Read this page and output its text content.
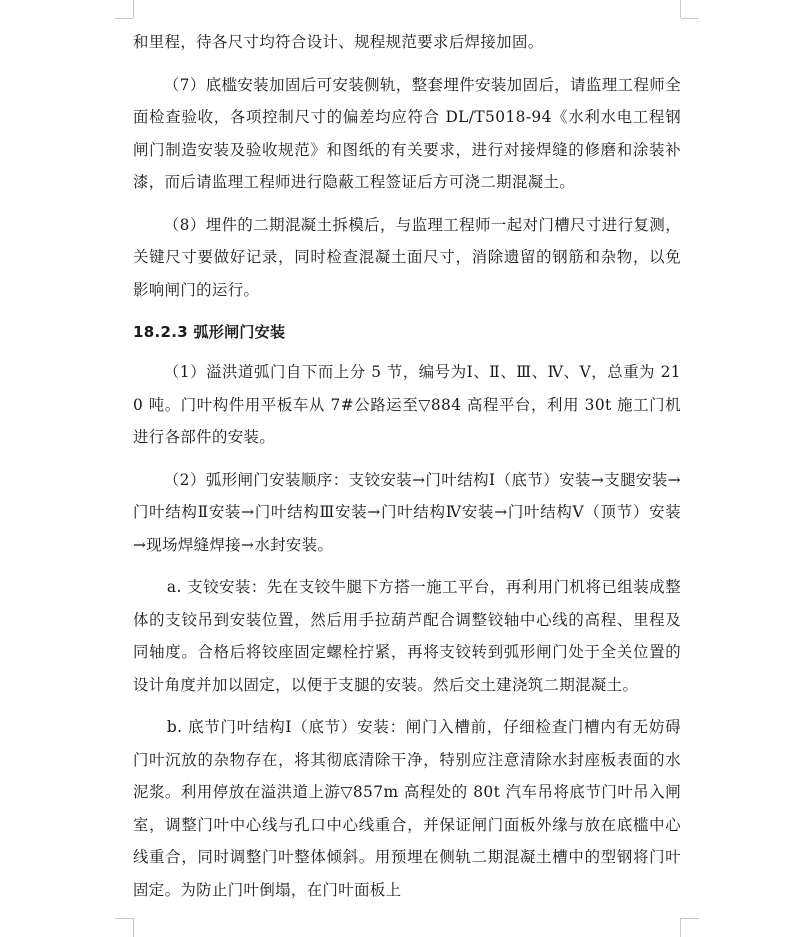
和里程，待各尺寸均符合设计、规程规范要求后焊接加固。

（7）底槛安装加固后可安装侧轨，整套埋件安装加固后，请监理工程师全面检查验收，各项控制尺寸的偏差均应符合 DL/T5018-94《水利水电工程钢闸门制造安装及验收规范》和图纸的有关要求，进行对接焊缝的修磨和涂装补漆，而后请监理工程师进行隐蔽工程签证后方可浇二期混凝土。

（8）埋件的二期混凝土拆模后，与监理工程师一起对门槽尺寸进行复测，关键尺寸要做好记录，同时检查混凝土面尺寸，消除遗留的钢筋和杂物，以免影响闸门的运行。

18.2.3 弧形闸门安装

（1）溢洪道弧门自下而上分 5 节，编号为Ⅰ、Ⅱ、Ⅲ、Ⅳ、Ⅴ，总重为 210 吨。门叶构件用平板车从 7#公路运至▽884 高程平台，利用 30t 施工门机进行各部件的安装。

（2）弧形闸门安装顺序：支铰安装→门叶结构Ⅰ（底节）安装→支腿安装→门叶结构Ⅱ安装→门叶结构Ⅲ安装→门叶结构Ⅳ安装→门叶结构Ⅴ（顶节）安装→现场焊缝焊接→水封安装。

a. 支铰安装：先在支铰牛腿下方搭一施工平台，再利用门机将已组装成整体的支铰吊到安装位置，然后用手拉葫芦配合调整铰轴中心线的高程、里程及同轴度。合格后将铰座固定螺栓拧紧，再将支铰转到弧形闸门处于全关位置的设计角度并加以固定，以便于支腿的安装。然后交土建浇筑二期混凝土。

b. 底节门叶结构Ⅰ（底节）安装：闸门入槽前，仔细检查门槽内有无妨碍门叶沉放的杂物存在，将其彻底清除干净，特别应注意清除水封座板表面的水泥浆。利用停放在溢洪道上游▽857m 高程处的 80t 汽车吊将底节门叶吊入闸室，调整门叶中心线与孔口中心线重合，并保证闸门面板外缘与放在底槛中心线重合，同时调整门叶整体倾斜。用预埋在侧轨二期混凝土槽中的型钢将门叶固定。为防止门叶倒塌，在门叶面板上
